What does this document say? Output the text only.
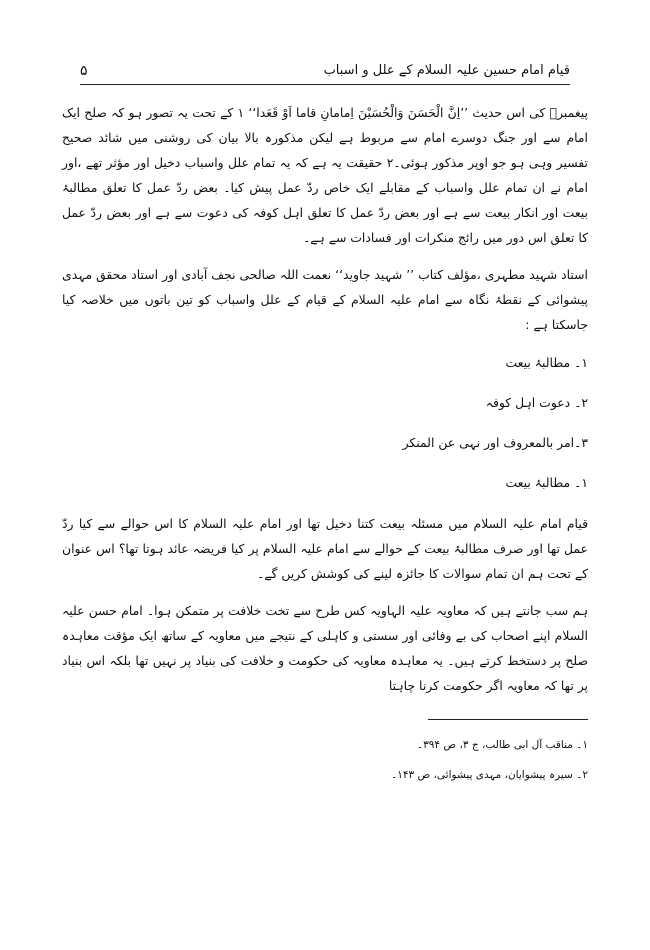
۵	قیام امام حسین علیہ السلام کے علل و اسباب

پیغمبرؐ کی اس حدیث ’’اِنَّ الْحَسَنَ وَالْحُسَیْنَ اِمامانِ قاما اَوْ قَعَدا‘‘ ۱ کے تحت یہ تصور ہو کہ صلح ایک امام سے اور جنگ دوسرے امام سے مربوط ہے لیکن مذکورہ بالا بیان کی روشنی میں شائد صحیح تفسیر وہی ہو جو اوپر مذکور ہوئی۔۲ حقیقت یہ ہے کہ یہ تمام علل واسباب دخیل اور مؤثر تھے ،اور امام نے ان تمام علل واسباب کے مقابلے ایک خاص ردّ عمل پیش کیا۔ بعض ردّ عمل کا تعلق مطالبۂ بیعت اور انکار بیعت سے ہے اور بعض ردّ عمل کا تعلق اہل کوفہ کی دعوت سے ہے اور بعض ردّ عمل کا تعلق اس دور میں رائج منکرات اور فسادات سے ہے۔

استاد شہید مطہری ،مؤلف کتاب ’’ شہید جاوید‘‘ نعمت اللہ صالحی نجف آبادی اور استاد محقق مہدی پیشوائی کے نقطۂ نگاہ سے امام علیہ السلام کے قیام کے علل واسباب کو تین باتوں میں خلاصہ کیا جاسکتا ہے :

۱۔ مطالبۂ بیعت

۲۔ دعوت اہل کوفہ

۳۔امر بالمعروف اور نہی عن المنکر

۱۔ مطالبۂ بیعت

قیام امام علیہ السلام میں مسئلہ بیعت کتنا دخیل تھا اور امام علیہ السلام کا اس حوالے سے کیا ردّ عمل تھا اور صرف مطالبۂ بیعت کے حوالے سے امام علیہ السلام پر کیا فریضہ عائد ہوتا تھا؟ اس عنوان کے تحت ہم ان تمام سوالات کا جائزہ لینے کی کوشش کریں گے۔

ہم سب جانتے ہیں کہ معاویہ علیہ الہاویہ کس طرح سے تخت خلافت پر متمکن ہوا۔ امام حسن علیہ السلام اپنے اصحاب کی بے وفائی اور سستی و کاہلی کے نتیجے میں معاویہ کے ساتھ ایک مؤقت معاہدہ صلح پر دستخط کرتے ہیں۔ یہ معاہدہ معاویہ کی حکومت و خلافت کی بنیاد پر نہیں تھا بلکہ اس بنیاد پر تھا کہ معاویہ اگر حکومت کرنا چاہتا

۱۔ مناقب آل ابی طالب، ج ۳، ص ۳۹۴۔

۲۔ سیرہ پیشوایان، مہدی پیشوائی، ص ۱۴۳۔
